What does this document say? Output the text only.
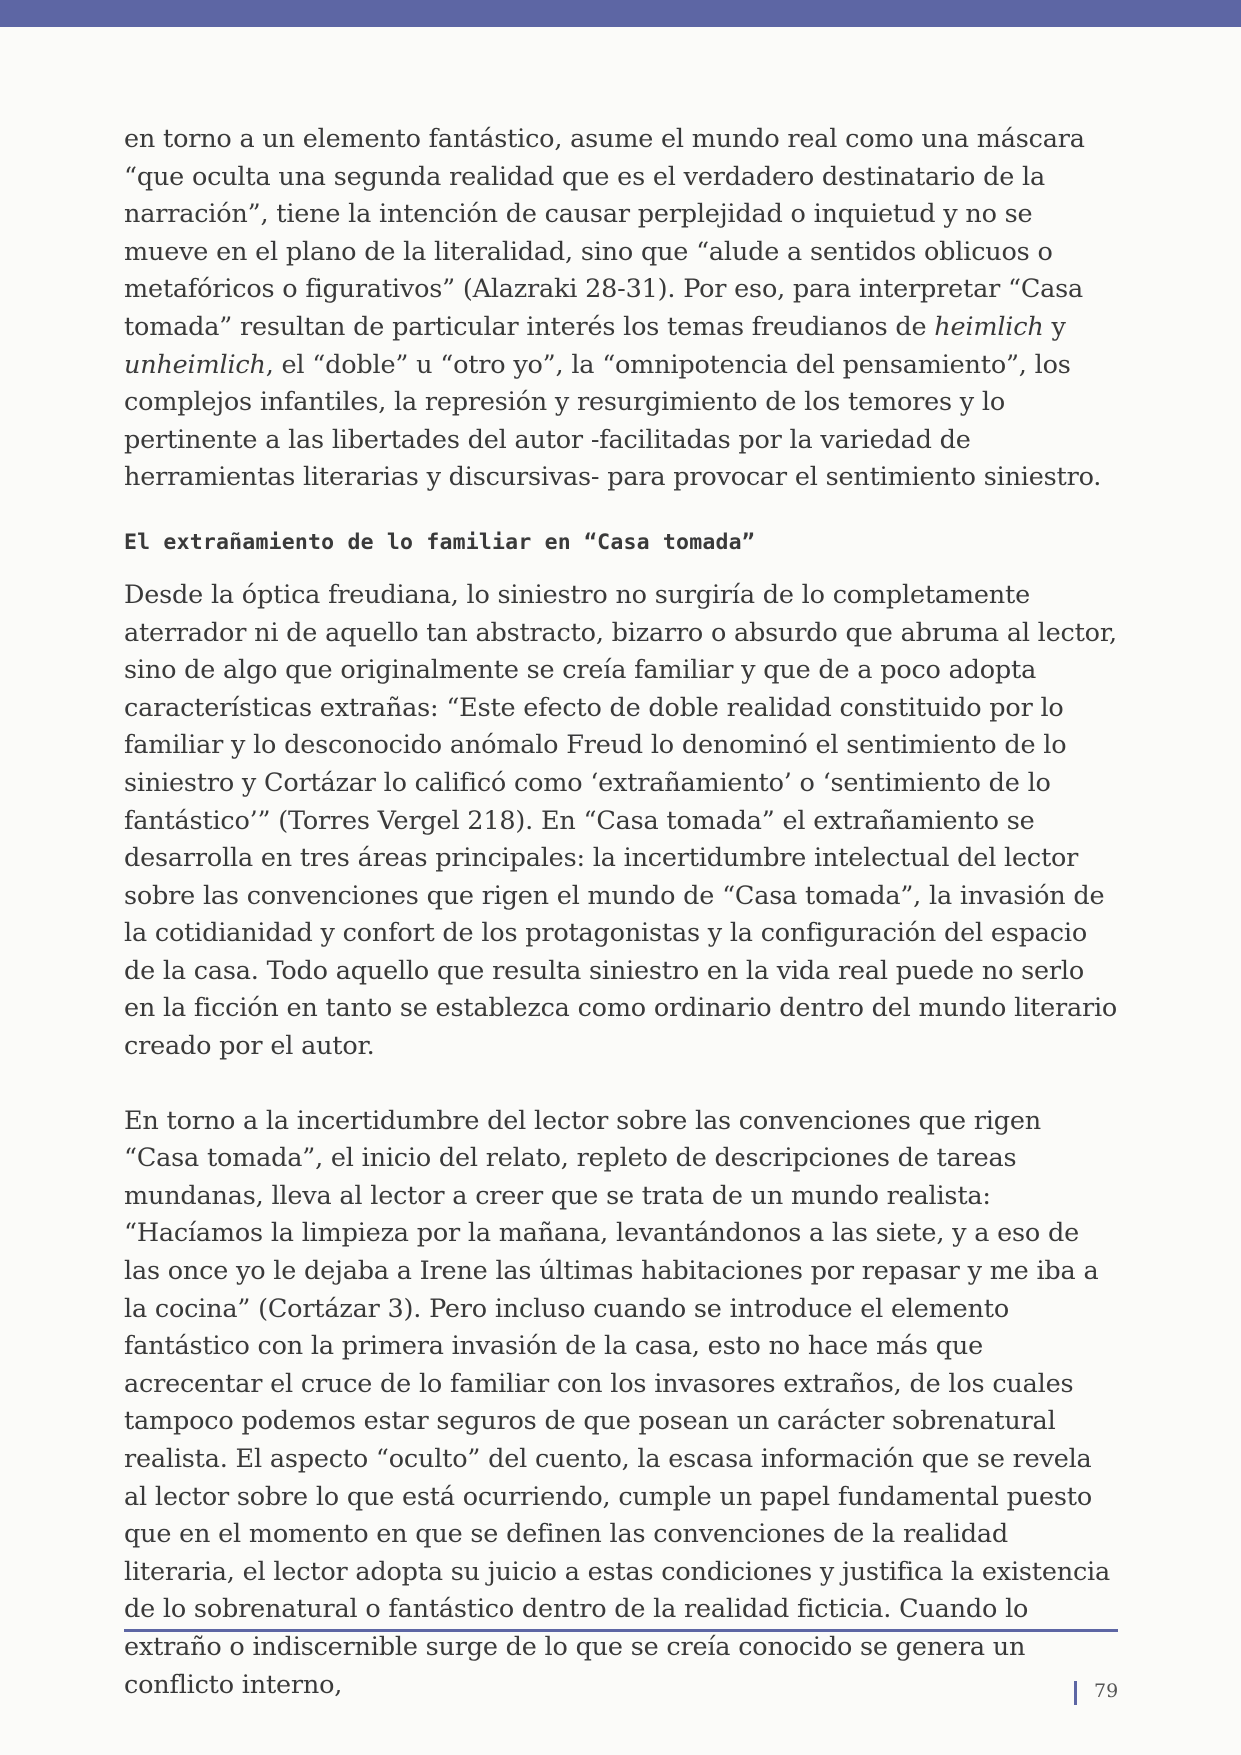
en torno a un elemento fantástico, asume el mundo real como una máscara “que oculta una segunda realidad que es el verdadero destinatario de la narración”, tiene la intención de causar perplejidad o inquietud y no se mueve en el plano de la literalidad, sino que “alude a sentidos oblicuos o metafóricos o figurativos” (Alazraki 28-31). Por eso, para interpretar “Casa tomada” resultan de particular interés los temas freudianos de heimlich y unheimlich, el “doble” u “otro yo”, la “omnipotencia del pensamiento”, los complejos infantiles, la represión y resurgimiento de los temores y lo pertinente a las libertades del autor -facilitadas por la variedad de herramientas literarias y discursivas- para provocar el sentimiento siniestro.

El extrañamiento de lo familiar en “Casa tomada”

Desde la óptica freudiana, lo siniestro no surgiría de lo completamente aterrador ni de aquello tan abstracto, bizarro o absurdo que abruma al lector, sino de algo que originalmente se creía familiar y que de a poco adopta características extrañas: “Este efecto de doble realidad constituido por lo familiar y lo desconocido anómalo Freud lo denominó el sentimiento de lo siniestro y Cortázar lo calificó como ‘extrañamiento’ o ‘sentimiento de lo fantástico’” (Torres Vergel 218). En “Casa tomada” el extrañamiento se desarrolla en tres áreas principales: la incertidumbre intelectual del lector sobre las convenciones que rigen el mundo de “Casa tomada”, la invasión de la cotidianidad y confort de los protagonistas y la configuración del espacio de la casa. Todo aquello que resulta siniestro en la vida real puede no serlo en la ficción en tanto se establezca como ordinario dentro del mundo literario creado por el autor.

En torno a la incertidumbre del lector sobre las convenciones que rigen “Casa tomada”, el inicio del relato, repleto de descripciones de tareas mundanas, lleva al lector a creer que se trata de un mundo realista: “Hacíamos la limpieza por la mañana, levantándonos a las siete, y a eso de las once yo le dejaba a Irene las últimas habitaciones por repasar y me iba a la cocina” (Cortázar 3). Pero incluso cuando se introduce el elemento fantástico con la primera invasión de la casa, esto no hace más que acrecentar el cruce de lo familiar con los invasores extraños, de los cuales tampoco podemos estar seguros de que posean un carácter sobrenatural realista. El aspecto “oculto” del cuento, la escasa información que se revela al lector sobre lo que está ocurriendo, cumple un papel fundamental puesto que en el momento en que se definen las convenciones de la realidad literaria, el lector adopta su juicio a estas condiciones y justifica la existencia de lo sobrenatural o fantástico dentro de la realidad ficticia. Cuando lo extraño o indiscernible surge de lo que se creía conocido se genera un conflicto interno,	79
